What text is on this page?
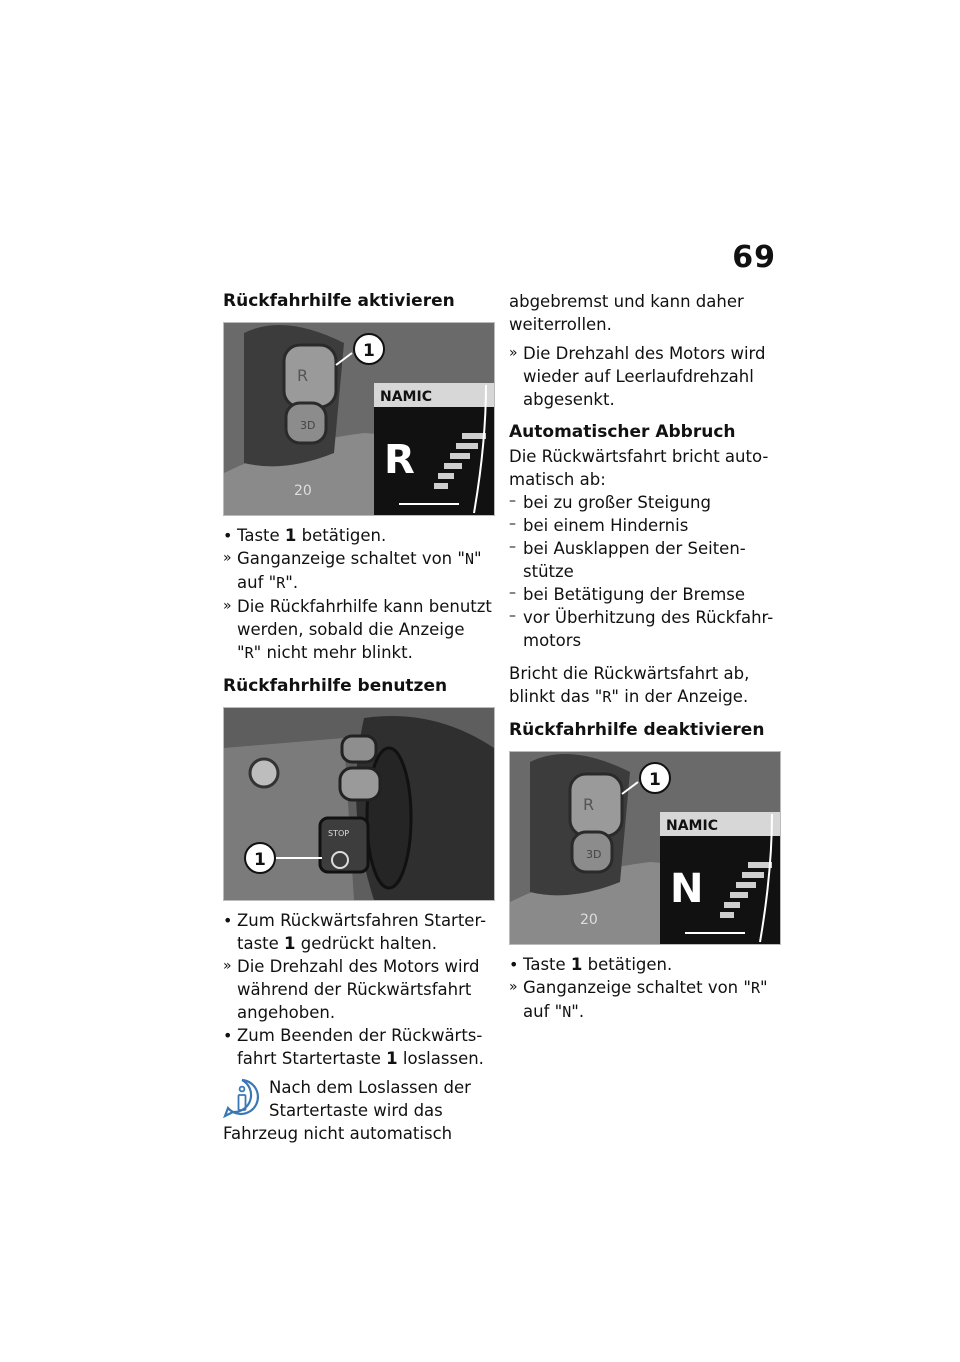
69
Rückfahrhilfe aktivieren
R
3D
NAMIC
R
20
1
• Taste 1 betätigen.
» Ganganzeige schaltet von "N"
auf "R".
» Die Rückfahrhilfe kann benutzt
werden, sobald die Anzeige
"R" nicht mehr blinkt.
Rückfahrhilfe benutzen
STOP
1
• Zum Rückwärtsfahren Starter-
taste 1 gedrückt halten.
» Die Drehzahl des Motors wird
während der Rückwärtsfahrt
angehoben.
• Zum Beenden der Rückwärts-
fahrt Startertaste 1 loslassen.
Nach dem Loslassen der
Startertaste wird das
Fahrzeug nicht automatisch

abgebremst und kann daher
weiterrollen.

» Die Drehzahl des Motors wird
wieder auf Leerlaufdrehzahl
abgesenkt.
Automatischer Abbruch

Die Rückwärtsfahrt bricht auto-
matisch ab:

– bei zu großer Steigung
– bei einem Hindernis
– bei Ausklappen der Seiten-
stütze
– bei Betätigung der Bremse
– vor Überhitzung des Rückfahr-
motors

Bricht die Rückwärtsfahrt ab,
blinkt das "R" in der Anzeige.

Rückfahrhilfe deaktivieren
R
3D
NAMIC
N
20
1
• Taste 1 betätigen.
» Ganganzeige schaltet von "R"
auf "N".
